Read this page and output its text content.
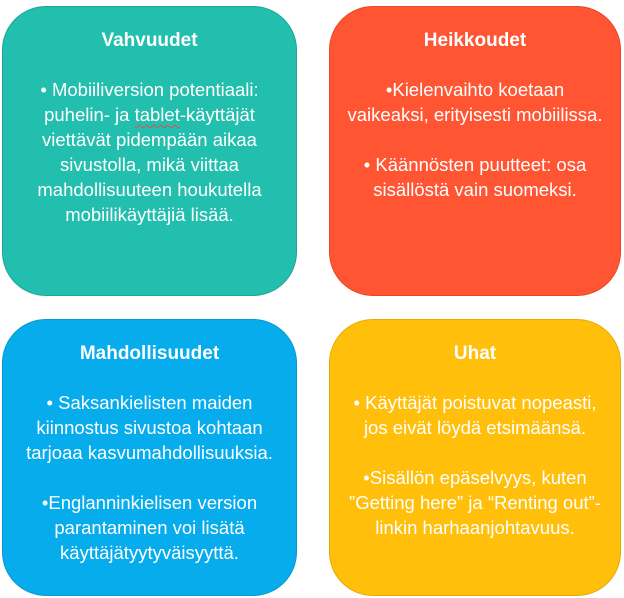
Vahvuudet

• Mobiiliversion potentiaali: puhelin- ja tablet-käyttäjät viettävät pidempään aikaa sivustolla, mikä viittaa mahdollisuuteen houkutella mobiilikäyttäjiä lisää.

Heikkoudet

•Kielenvaihto koetaan vaikeaksi, erityisesti mobiilissa.

• Käännösten puutteet: osa sisällöstä vain suomeksi.

Mahdollisuudet

• Saksankielisten maiden kiinnostus sivustoa kohtaan tarjoaa kasvumahdollisuuksia.

•Englanninkielisen version parantaminen voi lisätä käyttäjätyytyväisyyttä.

Uhat

• Käyttäjät poistuvat nopeasti, jos eivät löydä etsimäänsä.

•Sisällön epäselvyys, kuten ”Getting here” ja “Renting out”-linkin harhaanjohtavuus.
